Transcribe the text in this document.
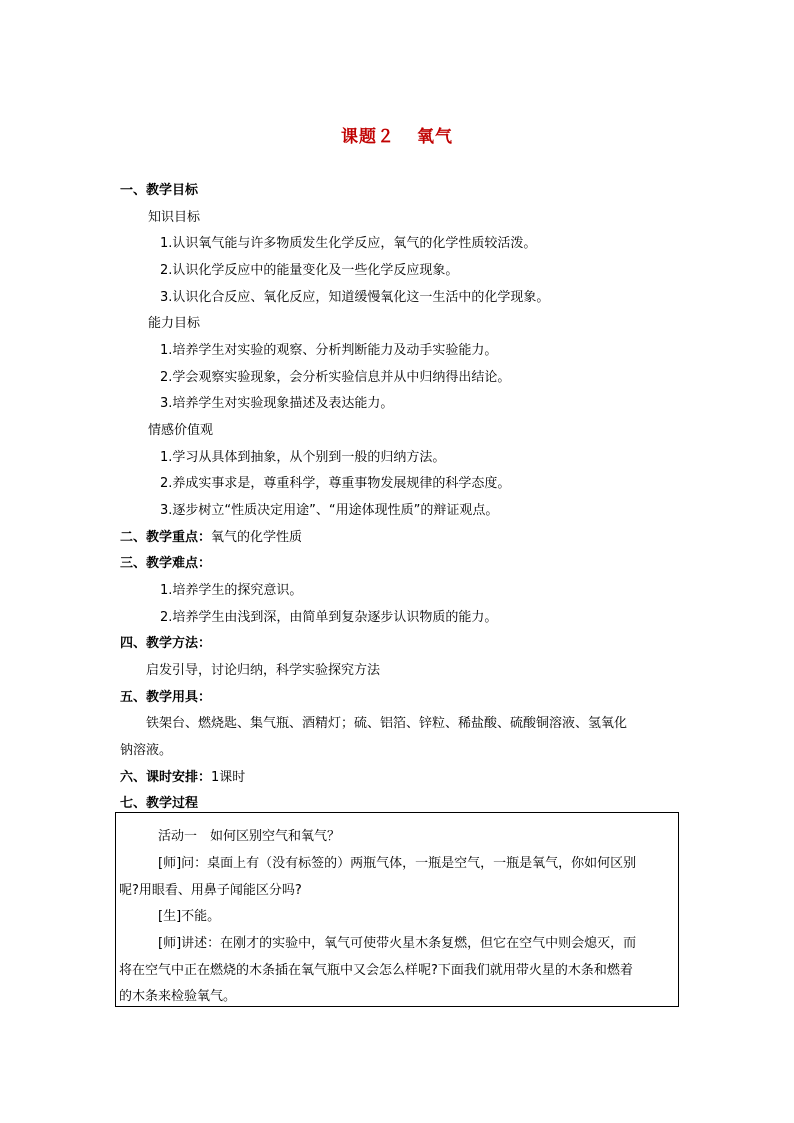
课题２ 氧气
一、教学目标
知识目标
1.认识氧气能与许多物质发生化学反应，氧气的化学性质较活泼。
2.认识化学反应中的能量变化及一些化学反应现象。
3.认识化合反应、氧化反应，知道缓慢氧化这一生活中的化学现象。
能力目标
1.培养学生对实验的观察、分析判断能力及动手实验能力。
2.学会观察实验现象，会分析实验信息并从中归纳得出结论。
3.培养学生对实验现象描述及表达能力。
情感价值观
1.学习从具体到抽象，从个别到一般的归纳方法。
2.养成实事求是，尊重科学，尊重事物发展规律的科学态度。
3.逐步树立“性质决定用途”、“用途体现性质”的辩证观点。
二、教学重点：氧气的化学性质
三、教学难点：
1.培养学生的探究意识。
2.培养学生由浅到深，由简单到复杂逐步认识物质的能力。
四、教学方法：
启发引导，讨论归纳，科学实验探究方法
五、教学用具：
铁架台、燃烧匙、集气瓶、酒精灯；硫、铝箔、锌粒、稀盐酸、硫酸铜溶液、氢氧化
钠溶液。
六、课时安排：1课时
七、教学过程
活动一　如何区别空气和氧气？
[师]问：桌面上有（没有标签的）两瓶气体，一瓶是空气，一瓶是氧气，你如何区别
呢?用眼看、用鼻子闻能区分吗?
[生]不能。
[师]讲述：在刚才的实验中，氧气可使带火星木条复燃，但它在空气中则会熄灭，而
将在空气中正在燃烧的木条插在氧气瓶中又会怎么样呢?下面我们就用带火星的木条和燃着
的木条来检验氧气。
